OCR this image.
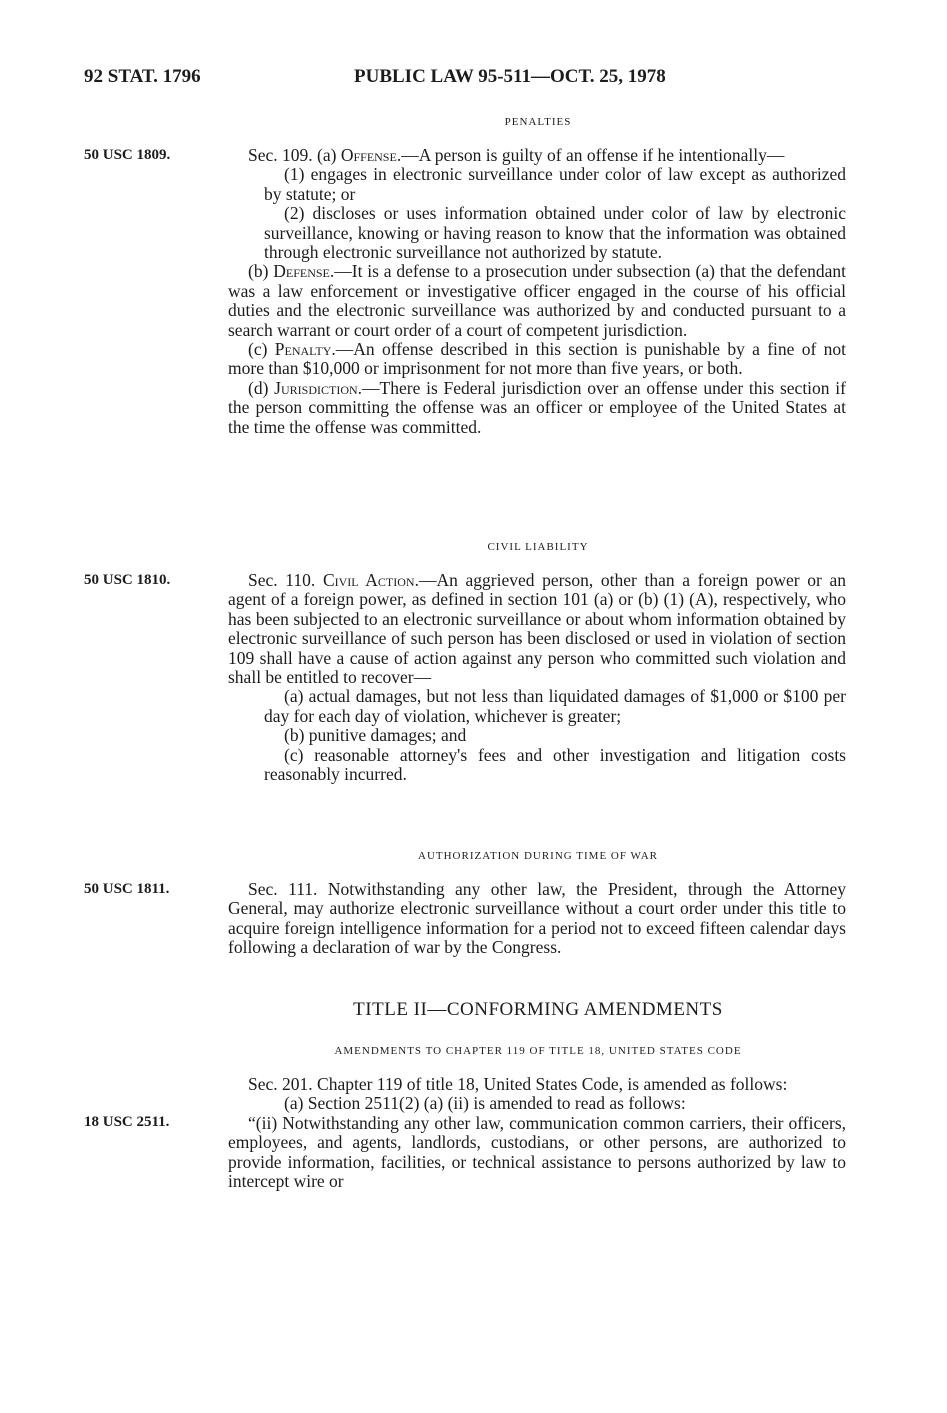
92 STAT. 1796	PUBLIC LAW 95-511—OCT. 25, 1978
PENALTIES
50 USC 1809.	Sec. 109. (a) Offense.—A person is guilty of an offense if he intentionally—

(1) engages in electronic surveillance under color of law except as authorized by statute; or

(2) discloses or uses information obtained under color of law by electronic surveillance, knowing or having reason to know that the information was obtained through electronic surveillance not authorized by statute.

(b) Defense.—It is a defense to a prosecution under subsection (a) that the defendant was a law enforcement or investigative officer engaged in the course of his official duties and the electronic surveillance was authorized by and conducted pursuant to a search warrant or court order of a court of competent jurisdiction.

(c) Penalty.—An offense described in this section is punishable by a fine of not more than $10,000 or imprisonment for not more than five years, or both.

(d) Jurisdiction.—There is Federal jurisdiction over an offense under this section if the person committing the offense was an officer or employee of the United States at the time the offense was committed.

CIVIL LIABILITY
50 USC 1810.	Sec. 110. Civil Action.—An aggrieved person, other than a foreign power or an agent of a foreign power, as defined in section 101 (a) or (b) (1) (A), respectively, who has been subjected to an electronic surveillance or about whom information obtained by electronic surveillance of such person has been disclosed or used in violation of section 109 shall have a cause of action against any person who committed such violation and shall be entitled to recover—

(a) actual damages, but not less than liquidated damages of $1,000 or $100 per day for each day of violation, whichever is greater;

(b) punitive damages; and

(c) reasonable attorney's fees and other investigation and litigation costs reasonably incurred.

AUTHORIZATION DURING TIME OF WAR
50 USC 1811.	Sec. 111. Notwithstanding any other law, the President, through the Attorney General, may authorize electronic surveillance without a court order under this title to acquire foreign intelligence information for a period not to exceed fifteen calendar days following a declaration of war by the Congress.

TITLE II—CONFORMING AMENDMENTS
AMENDMENTS TO CHAPTER 119 OF TITLE 18, UNITED STATES CODE
18 USC 2511.

Sec. 201. Chapter 119 of title 18, United States Code, is amended as follows:

(a) Section 2511(2) (a) (ii) is amended to read as follows:

“(ii) Notwithstanding any other law, communication common carriers, their officers, employees, and agents, landlords, custodians, or other persons, are authorized to provide information, facilities, or technical assistance to persons authorized by law to intercept wire or
